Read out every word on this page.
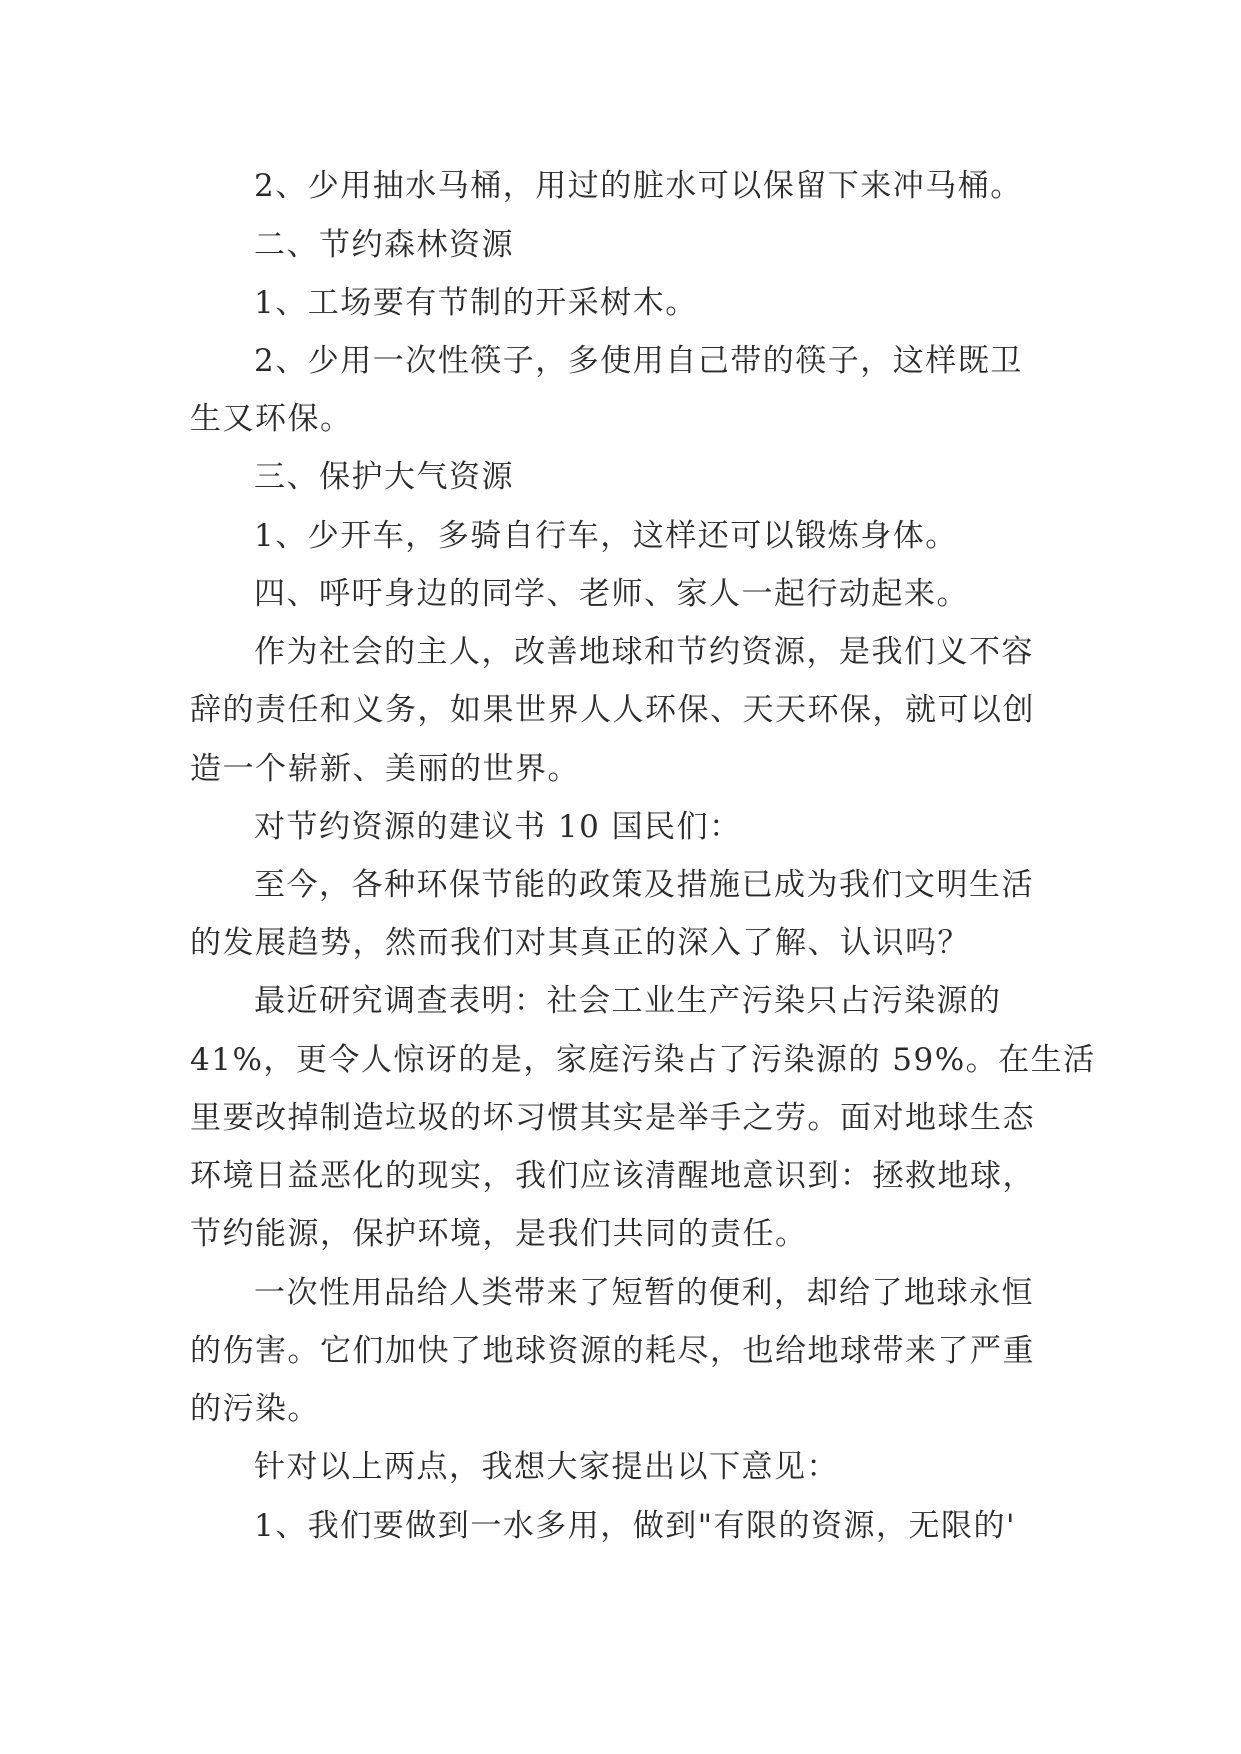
2、少用抽水马桶，用过的脏水可以保留下来冲马桶。
二、节约森林资源
1、工场要有节制的开采树木。
2、少用一次性筷子，多使用自己带的筷子，这样既卫
生又环保。
三、保护大气资源
1、少开车，多骑自行车，这样还可以锻炼身体。
四、呼吁身边的同学、老师、家人一起行动起来。
作为社会的主人，改善地球和节约资源，是我们义不容
辞的责任和义务，如果世界人人环保、天天环保，就可以创
造一个崭新、美丽的世界。
对节约资源的建议书 10 国民们：
至今，各种环保节能的政策及措施已成为我们文明生活
的发展趋势，然而我们对其真正的深入了解、认识吗？
最近研究调查表明：社会工业生产污染只占污染源的
41%，更令人惊讶的是，家庭污染占了污染源的 59%。在生活
里要改掉制造垃圾的坏习惯其实是举手之劳。面对地球生态
环境日益恶化的现实，我们应该清醒地意识到：拯救地球，
节约能源，保护环境，是我们共同的责任。
一次性用品给人类带来了短暂的便利，却给了地球永恒
的伤害。它们加快了地球资源的耗尽，也给地球带来了严重
的污染。
针对以上两点，我想大家提出以下意见：
1、我们要做到一水多用，做到"有限的资源，无限的'
